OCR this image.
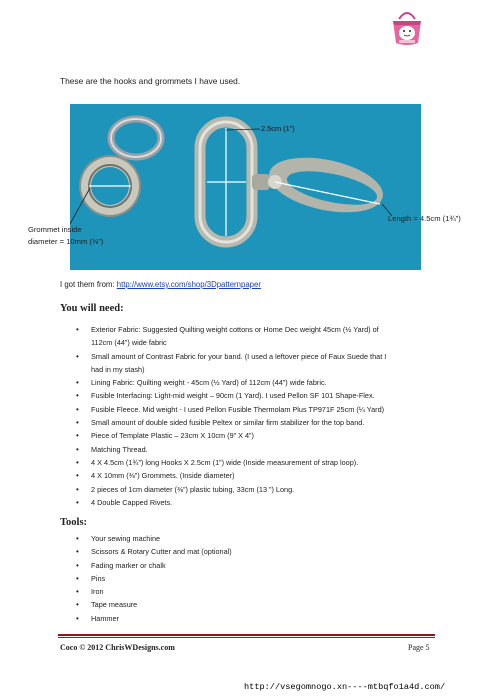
These are the hooks and grommets I have used.
2.5cm (1”)
Length = 4.5cm (1¾”)
Grommet inside
diameter = 10mm (⅜”)
I got them from: http://www.etsy.com/shop/3Dpatternpaper
You will need:
• Exterior Fabric: Suggested Quilting weight cottons or Home Dec weight 45cm (½ Yard) of
112cm (44”) wide fabric
• Small amount of Contrast Fabric for your band. (I used a leftover piece of Faux Suede that I
had in my stash)
• Lining Fabric: Quilting weight - 45cm (½ Yard) of 112cm (44”) wide fabric.
• Fusible Interfacing: Light-mid weight – 90cm (1 Yard). I used Pellon SF 101 Shape-Flex.
• Fusible Fleece. Mid weight - I used Pellon Fusible Thermolam Plus TP971F 25cm (¼ Yard)
• Small amount of double sided fusible Peltex or similar firm stabilizer for the top band.
• Piece of Template Plastic – 23cm X 10cm (9” X 4”)
• Matching Thread.
• 4 X 4.5cm (1¾”) long Hooks X 2.5cm (1”) wide (Inside measurement of strap loop).
• 4 X 10mm (⅜”) Grommets. (Inside diameter)
• 2 pieces of 1cm diameter (⅜”) plastic tubing, 33cm (13 ”) Long.
• 4 Double Capped Rivets.
Tools:
• Your sewing machine
• Scissors & Rotary Cutter and mat (optional)
• Fading marker or chalk
• Pins
• Iron
• Tape measure
• Hammer
Coco © 2012 ChrisWDesigns.com	Page 5
http://vsegomnogo.xn----mtbqfo1a4d.com/
